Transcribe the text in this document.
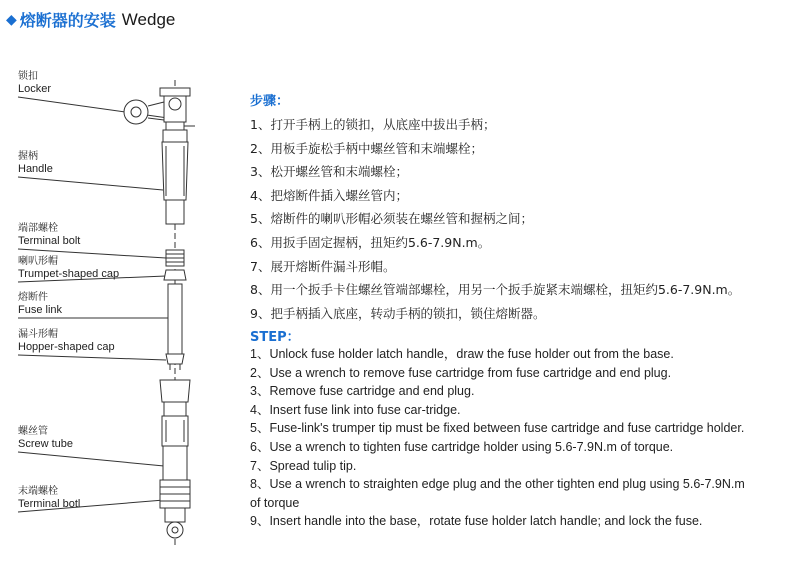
◆ 熔断器的安装 Wedge
锁扣
Locker
握柄
Handle
端部螺栓
Terminal bolt
喇叭形帽
Trumpet-shaped cap
熔断件
Fuse link
漏斗形帽
Hopper-shaped cap
螺丝管
Screw tube
末端螺栓
Terminal botl
步骤：
1、打开手柄上的锁扣，从底座中拔出手柄；
2、用板手旋松手柄中螺丝管和末端螺栓；
3、松开螺丝管和末端螺栓；
4、把熔断件插入螺丝管内；
5、熔断件的喇叭形帽必须装在螺丝管和握柄之间；
6、用扳手固定握柄，扭矩约5.6-7.9N.m。
7、展开熔断件漏斗形帽。
8、用一个扳手卡住螺丝管端部螺栓，用另一个扳手旋紧末端螺栓，扭矩约5.6-7.9N.m。
9、把手柄插入底座，转动手柄的锁扣，锁住熔断器。
STEP：
1、Unlock fuse holder latch handle，draw the fuse holder out from the base.
2、Use a wrench to remove fuse cartridge from fuse cartridge and end plug.
3、Remove fuse cartridge and end plug.
4、Insert fuse link into fuse car-tridge.
5、Fuse-link's trumper tip must be fixed between fuse cartridge and fuse cartridge holder.
6、Use a wrench to tighten fuse cartridge holder using 5.6-7.9N.m of torque.
7、Spread tulip tip.
8、Use a wrench to straighten edge plug and the other tighten end plug using 5.6-7.9N.m
of torque
9、Insert handle into the base，rotate fuse holder latch handle; and lock the fuse.
